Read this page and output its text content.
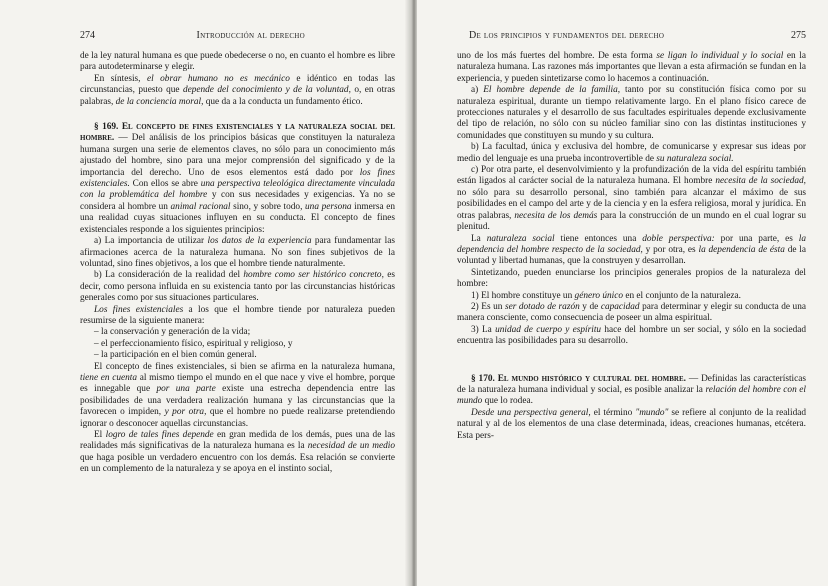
274	Introducción al derecho

de la ley natural humana es que puede obedecerse o no, en cuanto el hombre es libre para autodeterminarse y elegir.

En síntesis, el obrar humano no es mecánico e idéntico en todas las circunstancias, puesto que depende del conocimiento y de la voluntad, o, en otras palabras, de la conciencia moral, que da a la conducta un fundamento ético.

§ 169. El concepto de fines existenciales y la naturaleza social del hombre. — Del análisis de los principios básicas que constituyen la naturaleza humana surgen una serie de elementos claves, no sólo para un conocimiento más ajustado del hombre, sino para una mejor comprensión del significado y de la importancia del derecho. Uno de esos elementos está dado por los fines existenciales. Con ellos se abre una perspectiva teleológica directamente vinculada con la problemática del hombre y con sus necesidades y exigencias. Ya no se considera al hombre un animal racional sino, y sobre todo, una persona inmersa en una realidad cuyas situaciones influyen en su conducta. El concepto de fines existenciales responde a los siguientes principios:

a) La importancia de utilizar los datos de la experiencia para fundamentar las afirmaciones acerca de la naturaleza humana. No son fines subjetivos de la voluntad, sino fines objetivos, a los que el hombre tiende naturalmente.

b) La consideración de la realidad del hombre como ser histórico concreto, es decir, como persona influida en su existencia tanto por las circunstancias históricas generales como por sus situaciones particulares.

Los fines existenciales a los que el hombre tiende por naturaleza pueden resumirse de la siguiente manera:

– la conservación y generación de la vida;
– el perfeccionamiento físico, espiritual y religioso, y
– la participación en el bien común general.

El concepto de fines existenciales, si bien se afirma en la naturaleza humana, tiene en cuenta al mismo tiempo el mundo en el que nace y vive el hombre, porque es innegable que por una parte existe una estrecha dependencia entre las posibilidades de una verdadera realización humana y las circunstancias que la favorecen o impiden, y por otra, que el hombre no puede realizarse pretendiendo ignorar o desconocer aquellas circunstancias.

El logro de tales fines depende en gran medida de los demás, pues una de las realidades más significativas de la naturaleza humana es la necesidad de un medio que haga posible un verdadero encuentro con los demás. Esa relación se convierte en un complemento de la naturaleza y se apoya en el instinto social,

De los principios y fundamentos del derecho	275

uno de los más fuertes del hombre. De esta forma se ligan lo individual y lo social en la naturaleza humana. Las razones más importantes que llevan a esta afirmación se fundan en la experiencia, y pueden sintetizarse como lo hacemos a continuación.

a) El hombre depende de la familia, tanto por su constitución física como por su naturaleza espiritual, durante un tiempo relativamente largo. En el plano físico carece de protecciones naturales y el desarrollo de sus facultades espirituales depende exclusivamente del tipo de relación, no sólo con su núcleo familiar sino con las distintas instituciones y comunidades que constituyen su mundo y su cultura.

b) La facultad, única y exclusiva del hombre, de comunicarse y expresar sus ideas por medio del lenguaje es una prueba incontrovertible de su naturaleza social.

c) Por otra parte, el desenvolvimiento y la profundización de la vida del espíritu también están ligados al carácter social de la naturaleza humana. El hombre necesita de la sociedad, no sólo para su desarrollo personal, sino también para alcanzar el máximo de sus posibilidades en el campo del arte y de la ciencia y en la esfera religiosa, moral y jurídica. En otras palabras, necesita de los demás para la construcción de un mundo en el cual lograr su plenitud.

La naturaleza social tiene entonces una doble perspectiva: por una parte, es la dependencia del hombre respecto de la sociedad, y por otra, es la dependencia de ésta de la voluntad y libertad humanas, que la construyen y desarrollan.

Sintetizando, pueden enunciarse los principios generales propios de la naturaleza del hombre:

1) El hombre constituye un género único en el conjunto de la naturaleza.

2) Es un ser dotado de razón y de capacidad para determinar y elegir su conducta de una manera consciente, como consecuencia de poseer un alma espiritual.

3) La unidad de cuerpo y espíritu hace del hombre un ser social, y sólo en la sociedad encuentra las posibilidades para su desarrollo.

§ 170. El mundo histórico y cultural del hombre. — Definidas las características de la naturaleza humana individual y social, es posible analizar la relación del hombre con el mundo que lo rodea.

Desde una perspectiva general, el término "mundo" se refiere al conjunto de la realidad natural y al de los elementos de una clase determinada, ideas, creaciones humanas, etcétera. Esta pers-
